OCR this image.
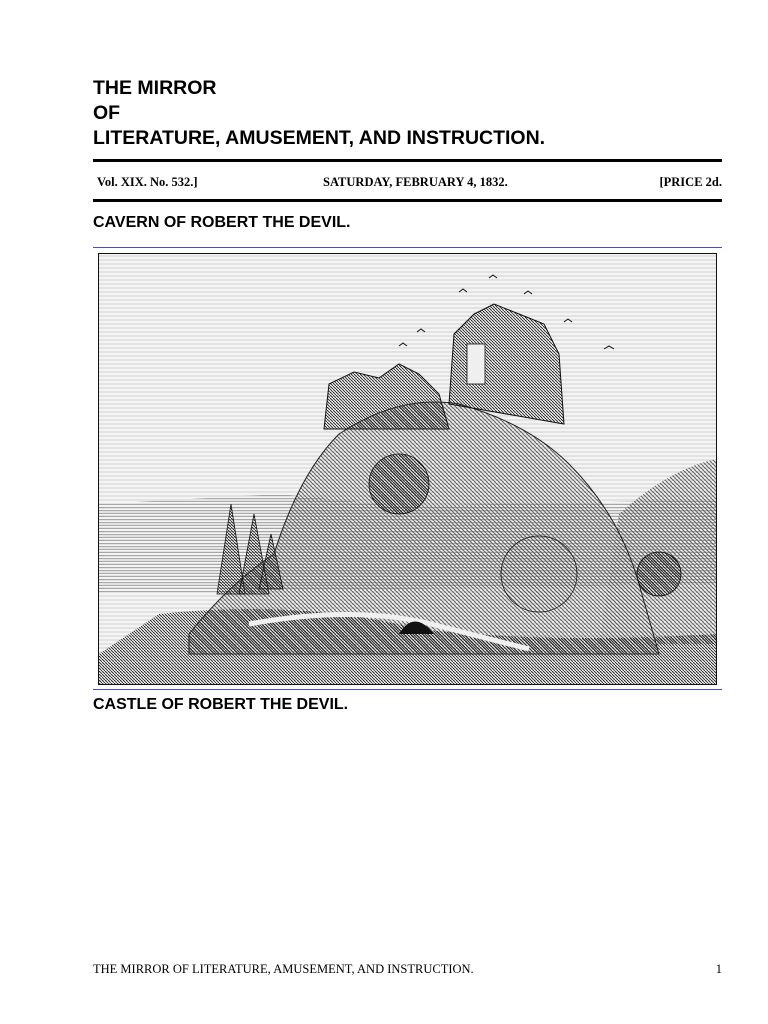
THE MIRROR
OF
LITERATURE, AMUSEMENT, AND INSTRUCTION.
Vol. XIX. No. 532.]	SATURDAY, FEBRUARY 4, 1832.	[PRICE 2d.
CAVERN OF ROBERT THE DEVIL.
CASTLE OF ROBERT THE DEVIL.
THE MIRROR OF LITERATURE, AMUSEMENT, AND INSTRUCTION.	1
